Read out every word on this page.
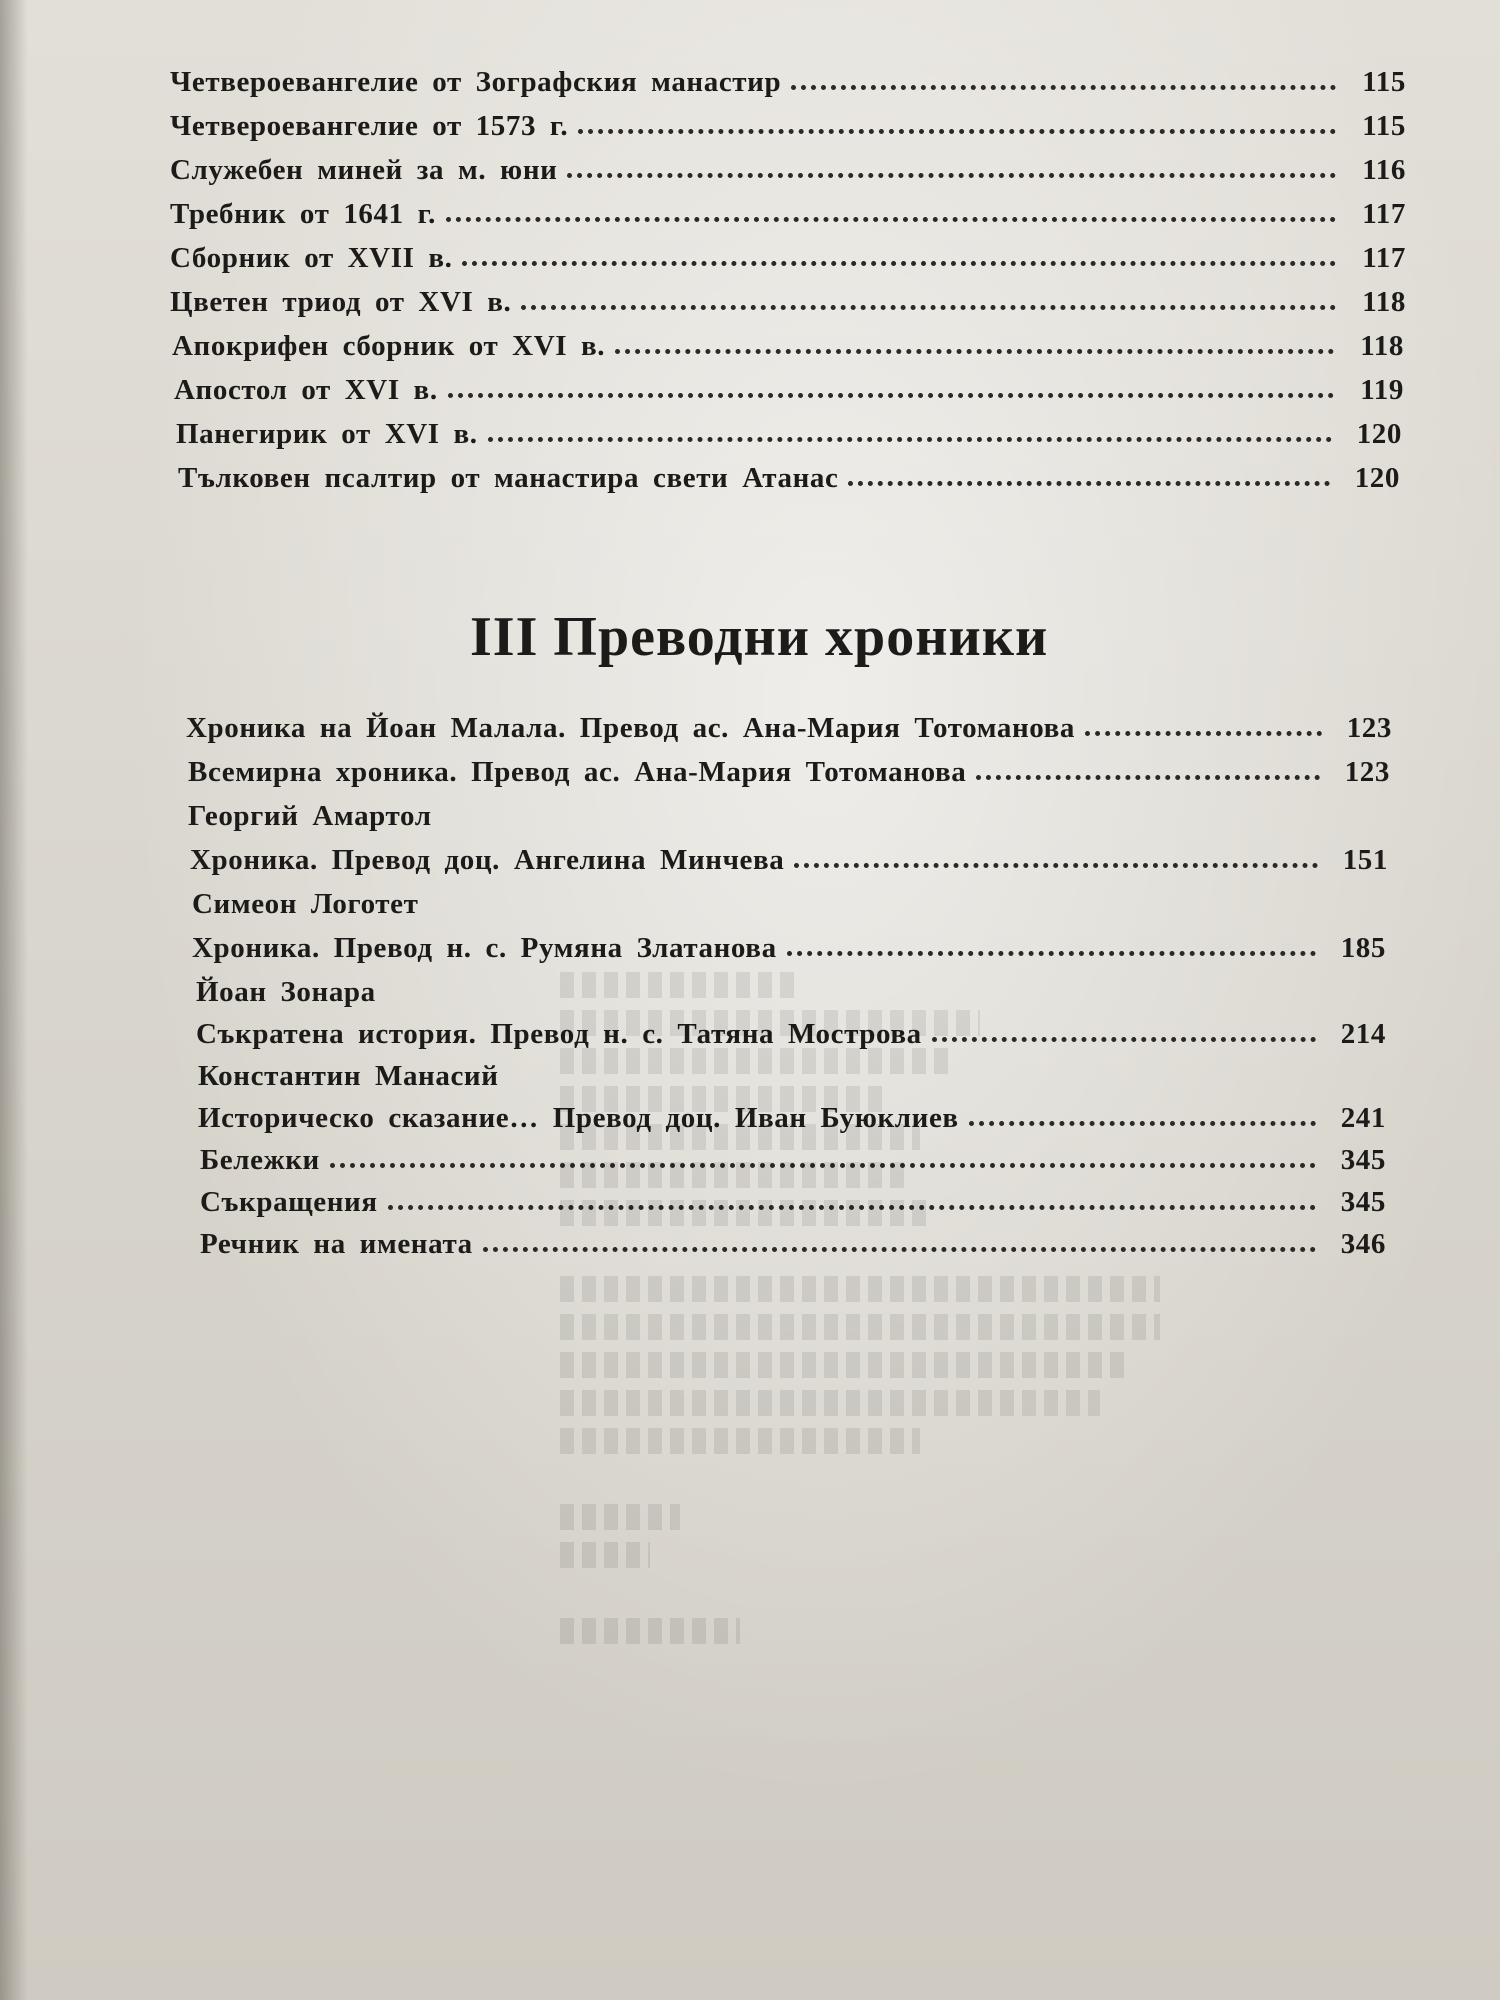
Четвероевангелие от Зографския манастир	115
Четвероевангелие от 1573 г.	115
Служебен миней за м. юни	116
Требник от 1641 г.	117
Сборник от XVII в.	117
Цветен триод от XVI в.	118
Апокрифен сборник от XVI в.	118
Апостол от XVI в.	119
Панегирик от XVI в.	120
Тълковен псалтир от манастира свети Атанас	120
III Преводни хроники
Хроника на Йоан Малала. Превод ас. Ана-Мария Тотоманова	123
Всемирна хроника. Превод ас. Ана-Мария Тотоманова	123
Георгий Амартол
Хроника. Превод доц. Ангелина Минчева	151
Симеон Логотет
Хроника. Превод н. с. Румяна Златанова	185
Йоан Зонара
Съкратена история. Превод н. с. Татяна Мострова	214
Константин Манасий
Историческо сказание… Превод доц. Иван Буюклиев	241
Бележки	345
Съкращения	345
Речник на имената	346
